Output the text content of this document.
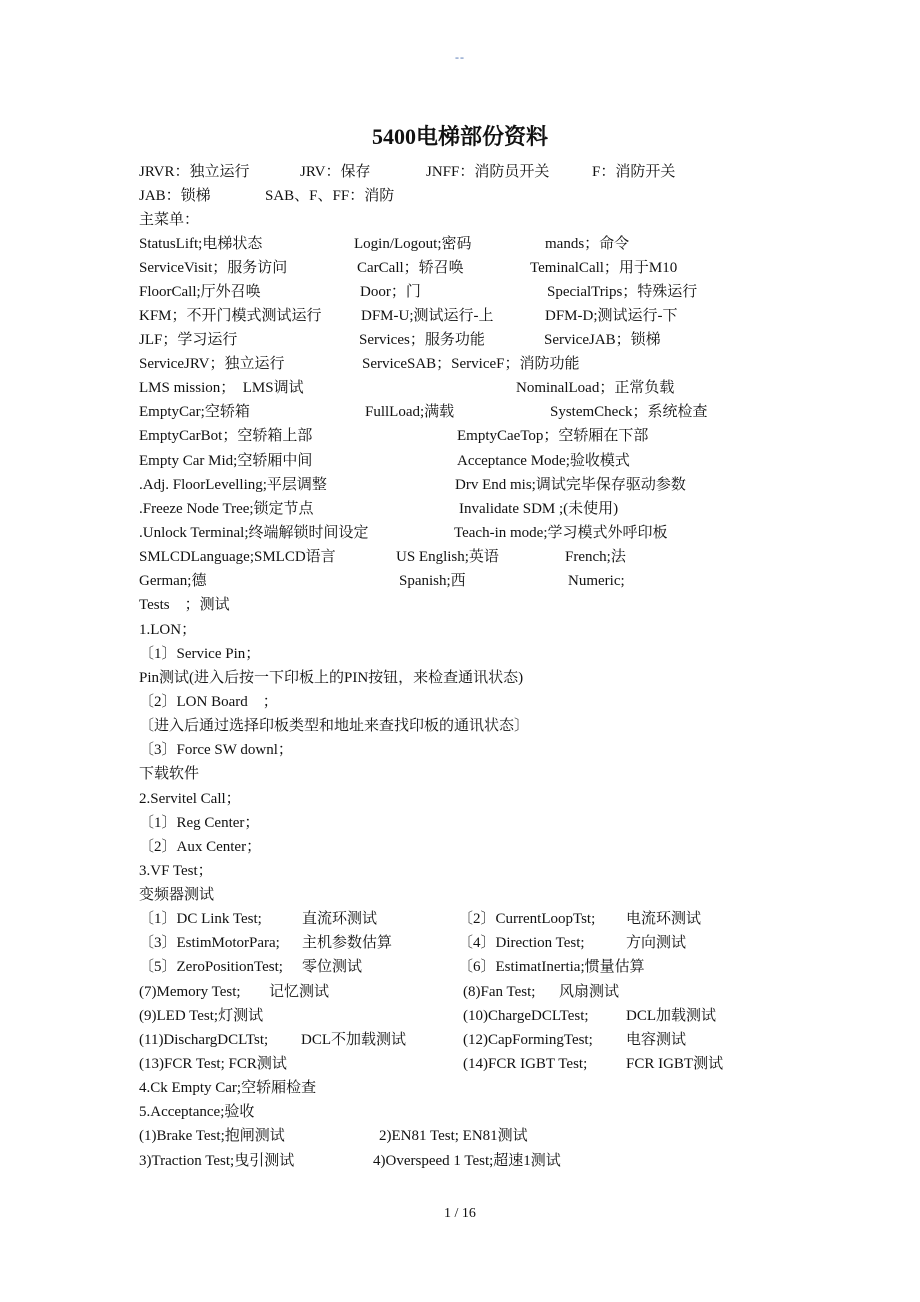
--
5400电梯部份资料
JRVR：独立运行	JRV：保存	JNFF：消防员开关	F：消防开关
JAB：锁梯	SAB、F、FF：消防
主菜单：
StatusLift;电梯状态	Login/Logout;密码	mands；命令
ServiceVisit；服务访问	CarCall；轿召唤	TeminalCall；用于M10
FloorCall;厅外召唤	Door；门	SpecialTrips；特殊运行
KFM；不开门模式测试运行	DFM-U;测试运行-上	DFM-D;测试运行-下
JLF；学习运行	Services；服务功能	ServiceJAB；锁梯
ServiceJRV；独立运行	ServiceSAB；ServiceF；消防功能
LMS mission；　LMS调试	NominalLoad；正常负载
EmptyCar;空轿箱	FullLoad;满载	SystemCheck；系统检查
EmptyCarBot；空轿箱上部	EmptyCaeTop；空轿厢在下部
Empty Car Mid;空轿厢中间	Acceptance Mode;验收模式
.Adj. FloorLevelling;平层调整	Drv End mis;调试完毕保存驱动参数
.Freeze Node Tree;锁定节点	Invalidate SDM ;(未使用)
.Unlock Terminal;终端解锁时间设定	Teach-in mode;学习模式外呼印板
SMLCDLanguage;SMLCD语言	US English;英语	French;法
German;德	Spanish;西	Numeric;
Tests　；测试
1.LON；
〔1〕Service Pin；
Pin测试(进入后按一下印板上的PIN按钮，来检查通讯状态)
〔2〕LON Board　；
〔进入后通过选择印板类型和地址来查找印板的通讯状态〕
〔3〕Force SW downl；
下载软件
2.Servitel Call；
〔1〕Reg Center；
〔2〕Aux Center；
3.VF Test；
变频器测试
〔1〕DC Link Test;	直流环测试	〔2〕CurrentLoopTst; 电流环测试
〔3〕EstimMotorPara; 主机参数估算	〔4〕Direction Test;	方向测试
〔5〕ZeroPositionTest; 零位测试	〔6〕EstimatInertia;惯量估算
(7)Memory Test; 记忆测试	(8)Fan Test; 风扇测试
(9)LED Test;灯测试	(10)ChargeDCLTest; DCL加载测试
(11)DischargDCLTst; DCL不加载测试	(12)CapFormingTest; 电容测试
(13)FCR Test; FCR测试	(14)FCR IGBT Test;	FCR IGBT测试
4.Ck Empty Car;空轿厢检查
5.Acceptance;验收
(1)Brake Test;抱闸测试	2)EN81 Test; EN81测试
3)Traction Test;曳引测试	4)Overspeed 1 Test;超速1测试
1 / 16
